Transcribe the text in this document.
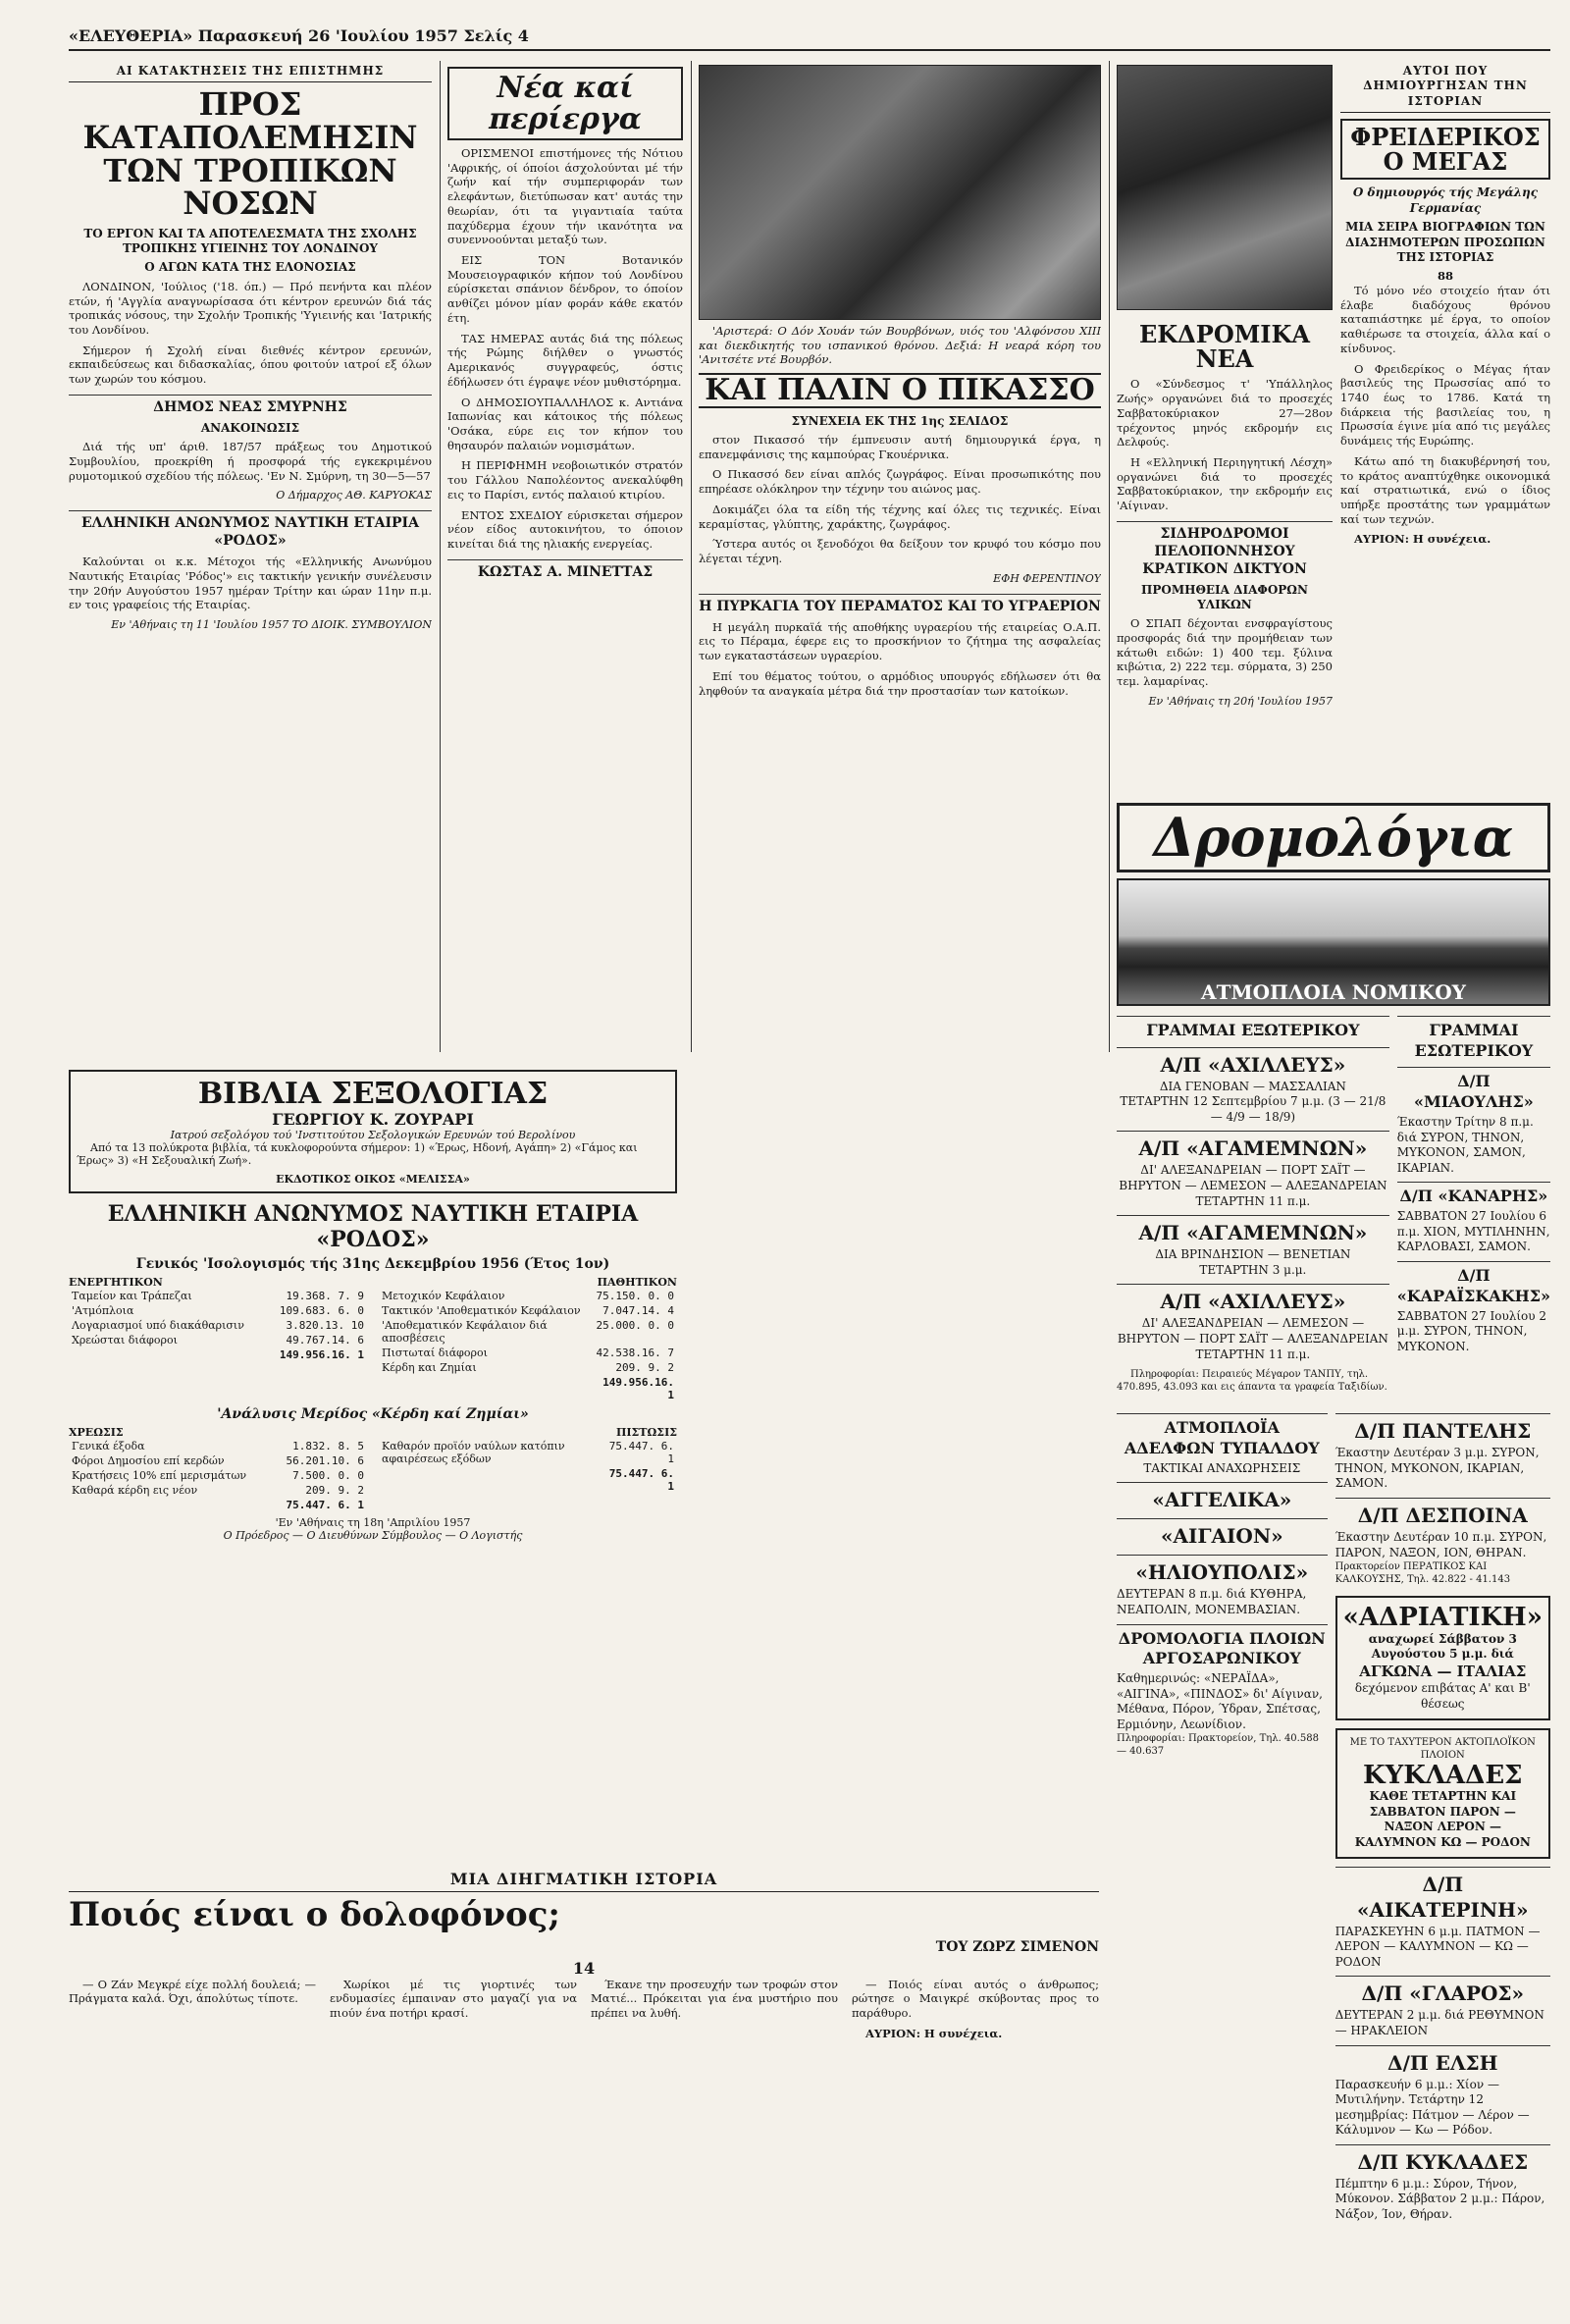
«ΕΛΕΥΘΕΡΙΑ» Παρασκευή 26 'Ιουλίου 1957 Σελίς 4
ΑΙ ΚΑΤΑΚΤΗΣΕΙΣ ΤΗΣ ΕΠΙΣΤΗΜΗΣ
ΠΡΟΣ ΚΑΤΑΠΟΛΕΜΗΣΙΝ ΤΩΝ ΤΡΟΠΙΚΩΝ ΝΟΣΩΝ
ΤΟ ΕΡΓΟΝ ΚΑΙ ΤΑ ΑΠΟΤΕΛΕΣΜΑΤΑ ΤΗΣ ΣΧΟΛΗΣ ΤΡΟΠΙΚΗΣ ΥΓΙΕΙΝΗΣ ΤΟΥ ΛΟΝΔΙΝΟΥ
Ο ΑΓΩΝ ΚΑΤΑ ΤΗΣ ΕΛΟΝΟΣΙΑΣ

ΛΟΝΔΙΝΟΝ, 'Ιούλιος ('18. όπ.) — Πρό πενήντα και πλέον ετών, ή 'Αγγλία αναγνωρίσασα ότι κέντρον ερευνών διά τάς τροπικάς νόσους, την Σχολήν Τροπικής 'Υγιεινής και 'Ιατρικής του Λονδίνου.

Σήμερον ή Σχολή είναι διεθνές κέντρον ερευνών, εκπαιδεύσεως και διδασκαλίας, όπου φοιτούν ιατροί εξ όλων των χωρών του κόσμου.

ΔΗΜΟΣ ΝΕΑΣ ΣΜΥΡΝΗΣ
ΑΝΑΚΟΙΝΩΣΙΣ

Διά τής υπ' άριθ. 187/57 πράξεως του Δημοτικού Συμβουλίου, προεκρίθη ή προσφορά τής εγκεκριμένου ρυμοτομικού σχεδίου τής πόλεως. 'Εν Ν. Σμύρνη, τη 30—5—57

Ο Δήμαρχος ΑΘ. ΚΑΡΥΟΚΑΣ

ΕΛΛΗΝΙΚΗ ΑΝΩΝΥΜΟΣ ΝΑΥΤΙΚΗ ΕΤΑΙΡΙΑ «ΡΟΔΟΣ»

Καλούνται οι κ.κ. Μέτοχοι τής «Ελληνικής Ανωνύμου Ναυτικής Εταιρίας 'Ρόδος'» εις τακτικήν γενικήν συνέλευσιν την 20ήν Αυγούστου 1957 ημέραν Τρίτην και ώραν 11ην π.μ. εν τοις γραφείοις τής Εταιρίας.

Εν 'Αθήναις τη 11 'Ιουλίου 1957 ΤΟ ΔΙΟΙΚ. ΣΥΜΒΟΥΛΙΟΝ

Νέα καί περίεργα

ΟΡΙΣΜΕΝΟΙ επιστήμονες τής Νότιου 'Αφρικής, οί όποίοι άσχολούνται μέ τήν ζωήν καί τήν συμπεριφοράν των ελεφάντων, διετύπωσαν κατ' αυτάς την θεωρίαν, ότι τα γιγαντιαία ταύτα παχύδερμα έχουν τήν ικανότητα να συνεννοούνται μεταξύ των.

ΕΙΣ ΤΟΝ Βοτανικόν Μουσειογραφικόν κήπον τού Λονδίνου εύρίσκεται σπάνιον δένδρον, το όποίον ανθίζει μόνον μίαν φοράν κάθε εκατόν έτη.

ΤΑΣ ΗΜΕΡΑΣ αυτάς διά της πόλεως τής Ρώμης διήλθεν ο γνωστός Αμερικανός συγγραφεύς, όστις έδήλωσεν ότι έγραψε νέον μυθιστόρημα.

Ο ΔΗΜΟΣΙΟΥΠΑΛΛΗΛΟΣ κ. Αντιάνα Ιαπωνίας και κάτοικος τής πόλεως 'Οσάκα, εύρε εις τον κήπον του θησαυρόν παλαιών νομισμάτων.

Η ΠΕΡΙΦΗΜΗ νεοβοιωτικόν στρατόν του Γάλλου Ναπολέοντος ανεκαλύφθη εις το Παρίσι, εντός παλαιού κτιρίου.

ΕΝΤΟΣ ΣΧΕΔΙΟΥ εύρισκεται σήμερον νέον είδος αυτοκινήτου, το όποιον κινείται διά της ηλιακής ενεργείας.

ΚΩΣΤΑΣ Α. ΜΙΝΕΤΤΑΣ

'Αριστερά: Ο Δόν Χουάν τών Βουρβόνων, υιός του 'Αλφόνσου ΧΙΙΙ και διεκδικητής του ισπανικού θρόνου. Δεξιά: Η νεαρά κόρη του 'Ανιτσέτε ντέ Βουρβόν.

ΚΑΙ ΠΑΛΙΝ Ο ΠΙΚΑΣΣΟ
ΣΥΝΕΧΕΙΑ ΕΚ ΤΗΣ 1ης ΣΕΛΙΔΟΣ

στον Πικασσό τήν έμπνευσιν αυτή δημιουργικά έργα, η επανεμφάνισις της καμπούρας Γκουέρνικα.

Ο Πικασσό δεν είναι απλός ζωγράφος. Είναι προσωπικότης που επηρέασε ολόκληρον την τέχνην του αιώνος μας.

Δοκιμάζει όλα τα είδη τής τέχνης καί όλες τις τεχνικές. Είναι κεραμίστας, γλύπτης, χαράκτης, ζωγράφος.

Ύστερα αυτός οι ξενοδόχοι θα δείξουν τον κρυφό του κόσμο που λέγεται τέχνη.

ΕΦΗ ΦΕΡΕΝΤΙΝΟΥ

Η ΠΥΡΚΑΓΙΑ ΤΟΥ ΠΕΡΑΜΑΤΟΣ ΚΑΙ ΤΟ ΥΓΡΑΕΡΙΟΝ

Η μεγάλη πυρκαϊά τής αποθήκης υγραερίου τής εταιρείας Ο.Α.Π. εις το Πέραμα, έφερε εις το προσκήνιον το ζήτημα της ασφαλείας των εγκαταστάσεων υγραερίου.

Επί του θέματος τούτου, ο αρμόδιος υπουργός εδήλωσεν ότι θα ληφθούν τα αναγκαία μέτρα διά την προστασίαν των κατοίκων.

ΕΚΔΡΟΜΙΚΑ ΝΕΑ

Ο «Σύνδεσμος τ' 'Υπάλληλος Ζωής» οργανώνει διά το προσεχές Σαββατοκύριακον 27—28ον τρέχοντος μηνός εκδρομήν εις Δελφούς.

Η «Ελληνική Περιηγητική Λέσχη» οργανώνει διά το προσεχές Σαββατοκύριακον, την εκδρομήν εις 'Αίγιναν.

ΣΙΔΗΡΟΔΡΟΜΟΙ ΠΕΛΟΠΟΝΝΗΣΟΥ ΚΡΑΤΙΚΟΝ ΔΙΚΤΥΟΝ
ΠΡΟΜΗΘΕΙΑ ΔΙΑΦΟΡΩΝ ΥΛΙΚΩΝ

Ο ΣΠΑΠ δέχονται ενσφραγίστους προσφοράς διά την προμήθειαν των κάτωθι ειδών: 1) 400 τεμ. ξύλινα κιβώτια, 2) 222 τεμ. σύρματα, 3) 250 τεμ. λαμαρίνας.

Εν 'Αθήναις τη 20ή 'Ιουλίου 1957

ΑΥΤΟΙ ΠΟΥ ΔΗΜΙΟΥΡΓΗΣΑΝ ΤΗΝ ΙΣΤΟΡΙΑΝ
ΦΡΕΙΔΕΡΙΚΟΣ Ο ΜΕΓΑΣ
Ο δημιουργός τής Μεγάλης Γερμανίας
ΜΙΑ ΣΕΙΡΑ ΒΙΟΓΡΑΦΙΩΝ ΤΩΝ ΔΙΑΣΗΜΟΤΕΡΩΝ ΠΡΟΣΩΠΩΝ ΤΗΣ ΙΣΤΟΡΙΑΣ
88

Τό μόνο νέο στοιχείο ήταν ότι έλαβε διαδόχους θρόνου καταπιάστηκε μέ έργα, το οποίον καθιέρωσε τα στοιχεία, άλλα καί ο κίνδυνος.

Ο Φρειδερίκος ο Μέγας ήταν βασιλεύς της Πρωσσίας από το 1740 έως το 1786. Κατά τη διάρκεια τής βασιλείας του, η Πρωσσία έγινε μία από τις μεγάλες δυνάμεις τής Ευρώπης.

Κάτω από τη διακυβέρνησή του, το κράτος αναπτύχθηκε οικονομικά καί στρατιωτικά, ενώ ο ίδιος υπήρξε προστάτης των γραμμάτων καί των τεχνών.

ΑΥΡΙΟΝ: Η συνέχεια.

Δρομολόγια
ΑΤΜΟΠΛΟΙΑ ΝΟΜΙΚΟΥ
ΓΡΑΜΜΑΙ ΕΞΩΤΕΡΙΚΟΥ
Α/Π «ΑΧΙΛΛΕΥΣ»
ΔΙΑ ΓΕΝΟΒΑΝ — ΜΑΣΣΑΛΙΑΝ
ΤΕΤΑΡΤΗΝ 12 Σεπτεμβρίου 7 μ.μ. (3 — 21/8 — 4/9 — 18/9)
Α/Π «ΑΓΑΜΕΜΝΩΝ»
ΔΙ' ΑΛΕΞΑΝΔΡΕΙΑΝ — ΠΟΡΤ ΣΑΪΤ — ΒΗΡΥΤΟΝ — ΛΕΜΕΣΟΝ — ΑΛΕΞΑΝΔΡΕΙΑΝ
ΤΕΤΑΡΤΗΝ 11 π.μ.
Α/Π «ΑΓΑΜΕΜΝΩΝ»
ΔΙΑ ΒΡΙΝΔΗΣΙΟΝ — ΒΕΝΕΤΙΑΝ
ΤΕΤΑΡΤΗΝ 3 μ.μ.
Α/Π «ΑΧΙΛΛΕΥΣ»
ΔΙ' ΑΛΕΞΑΝΔΡΕΙΑΝ — ΛΕΜΕΣΟΝ — ΒΗΡΥΤΟΝ — ΠΟΡΤ ΣΑΪΤ — ΑΛΕΞΑΝΔΡΕΙΑΝ
ΤΕΤΑΡΤΗΝ 11 π.μ.

Πληροφορίαι: Πειραιεύς Μέγαρον ΤΑΝΠΥ, τηλ. 470.895, 43.093 και εις άπαντα τα γραφεία Ταξιδίων.

ΓΡΑΜΜΑΙ ΕΣΩΤΕΡΙΚΟΥ
Δ/Π «ΜΙΑΟΥΛΗΣ»
Έκαστην Τρίτην 8 π.μ. διά ΣΥΡΟΝ, ΤΗΝΟΝ, ΜΥΚΟΝΟΝ, ΣΑΜΟΝ, ΙΚΑΡΙΑΝ.
Δ/Π «ΚΑΝΑΡΗΣ»
ΣΑΒΒΑΤΟΝ 27 Ιουλίου 6 π.μ. ΧΙΟΝ, ΜΥΤΙΛΗΝΗΝ, ΚΑΡΛΟΒΑΣΙ, ΣΑΜΟΝ.
Δ/Π «ΚΑΡΑΪΣΚΑΚΗΣ»
ΣΑΒΒΑΤΟΝ 27 Ιουλίου 2 μ.μ. ΣΥΡΟΝ, ΤΗΝΟΝ, ΜΥΚΟΝΟΝ.
ΑΤΜΟΠΛΟΪΑ ΑΔΕΛΦΩΝ ΤΥΠΑΛΔΟΥ
ΤΑΚΤΙΚΑΙ ΑΝΑΧΩΡΗΣΕΙΣ
«ΑΓΓΕΛΙΚΑ»
«ΑΙΓΑΙΟΝ»
«ΗΛΙΟΥΠΟΛΙΣ»
ΔΕΥΤΕΡΑΝ 8 π.μ. διά ΚΥΘΗΡΑ, ΝΕΑΠΟΛΙΝ, ΜΟΝΕΜΒΑΣΙΑΝ.
ΔΡΟΜΟΛΟΓΙΑ ΠΛΟΙΩΝ ΑΡΓΟΣΑΡΩΝΙΚΟΥ
Καθημερινώς: «ΝΕΡΑΪΔΑ», «ΑΙΓΙΝΑ», «ΠΙΝΔΟΣ» δι' Αίγιναν, Μέθανα, Πόρον, Ύδραν, Σπέτσας, Ερμιόνην, Λεωνίδιον.
Πληροφορίαι: Πρακτορείον, Τηλ. 40.588 — 40.637
Δ/Π ΠΑΝΤΕΛΗΣ
Έκαστην Δευτέραν 3 μ.μ. ΣΥΡΟΝ, ΤΗΝΟΝ, ΜΥΚΟΝΟΝ, ΙΚΑΡΙΑΝ, ΣΑΜΟΝ.
Δ/Π ΔΕΣΠΟΙΝΑ
Έκαστην Δευτέραν 10 π.μ. ΣΥΡΟΝ, ΠΑΡΟΝ, ΝΑΞΟΝ, ΙΟΝ, ΘΗΡΑΝ.
Πρακτορείον ΠΕΡΑΤΙΚΟΣ ΚΑΙ ΚΑΛΚΟΥΣΗΣ, Τηλ. 42.822 - 41.143
«ΑΔΡΙΑΤΙΚΗ»
αναχωρεί Σάββατον 3 Αυγούστου 5 μ.μ. διά
ΑΓΚΩΝΑ — ΙΤΑΛΙΑΣ
δεχόμενον επιβάτας Α' και Β' θέσεως
ΜΕ ΤΟ ΤΑΧΥΤΕΡΟΝ ΑΚΤΟΠΛΟΪΚΟΝ ΠΛΟΙΟΝ
ΚΥΚΛΑΔΕΣ
ΚΑΘΕ ΤΕΤΑΡΤΗΝ ΚΑΙ ΣΑΒΒΑΤΟΝ ΠΑΡΟΝ — ΝΑΞΟΝ ΛΕΡΟΝ — ΚΑΛΥΜΝΟΝ ΚΩ — ΡΟΔΟΝ
Δ/Π «ΑΙΚΑΤΕΡΙΝΗ»
ΠΑΡΑΣΚΕΥΗΝ 6 μ.μ. ΠΑΤΜΟΝ — ΛΕΡΟΝ — ΚΑΛΥΜΝΟΝ — ΚΩ — ΡΟΔΟΝ
Δ/Π «ΓΛΑΡΟΣ»
ΔΕΥΤΕΡΑΝ 2 μ.μ. διά ΡΕΘΥΜΝΟΝ — ΗΡΑΚΛΕΙΟΝ
Δ/Π ΕΛΣΗ
Παρασκευήν 6 μ.μ.: Χίον — Μυτιλήνην. Τετάρτην 12 μεσημβρίας: Πάτμον — Λέρον — Κάλυμνον — Κω — Ρόδον.
Δ/Π ΚΥΚΛΑΔΕΣ
Πέμπτην 6 μ.μ.: Σύρον, Τήνον, Μύκονον. Σάββατον 2 μ.μ.: Πάρον, Νάξον, Ίον, Θήραν.
ΒΙΒΛΙΑ ΣΕΞΟΛΟΓΙΑΣ
ΓΕΩΡΓΙΟΥ Κ. ΖΟΥΡΑΡΙ
Ιατρού σεξολόγου τού 'Ινστιτούτου Σεξολογικών Ερευνών τού Βερολίνου

Από τα 13 πολύκροτα βιβλία, τά κυκλοφορούντα σήμερον: 1) «Έρως, Ηδονή, Αγάπη» 2) «Γάμος και Έρως» 3) «Η Σεξουαλική Ζωή».

ΕΚΔΟΤΙΚΟΣ ΟΙΚΟΣ «ΜΕΛΙΣΣΑ»
ΕΛΛΗΝΙΚΗ ΑΝΩΝΥΜΟΣ ΝΑΥΤΙΚΗ ΕΤΑΙΡΙΑ «ΡΟΔΟΣ»
Γενικός 'Ισολογισμός τής 31ης Δεκεμβρίου 1956 (Έτος 1ον)
ΕΝΕΡΓΗΤΙΚΟΝ
Ταμείον και Τράπεζαι	19.368. 7. 9
'Ατμόπλοια	109.683. 6. 0
Λογαριασμοί υπό διακάθαρισιν	3.820.13. 10
Χρεώσται διάφοροι	49.767.14. 6
	149.956.16. 1
ΠΑΘΗΤΙΚΟΝ
Μετοχικόν Κεφάλαιον	75.150. 0. 0
Τακτικόν 'Αποθεματικόν Κεφάλαιον	7.047.14. 4
'Αποθεματικόν Κεφάλαιον διά αποσβέσεις	25.000. 0. 0
Πιστωταί διάφοροι	42.538.16. 7
Κέρδη και Ζημίαι	209. 9. 2
	149.956.16. 1
'Ανάλυσις Μερίδος «Κέρδη καί Ζημίαι»
ΧΡΕΩΣΙΣ
Γενικά έξοδα	1.832. 8. 5
Φόροι Δημοσίου επί κερδών	56.201.10. 6
Κρατήσεις 10% επί μερισμάτων	7.500. 0. 0
Καθαρά κέρδη εις νέον	209. 9. 2
	75.447. 6. 1
ΠΙΣΤΩΣΙΣ
Καθαρόν προϊόν ναύλων κατόπιν αφαιρέσεως εξόδων	75.447. 6. 1
	75.447. 6. 1
'Εν 'Αθήναις τη 18η 'Απριλίου 1957
Ο Πρόεδρος — Ο Διευθύνων Σύμβουλος — Ο Λογιστής
ΜΙΑ ΔΙΗΓΜΑΤΙΚΗ ΙΣΤΟΡΙΑ
Ποιός είναι ο δολοφόνος;
ΤΟΥ ΖΩΡΖ ΣΙΜΕΝΟΝ
14

— Ο Ζάν Μεγκρέ είχε πολλή δουλειά; — Πράγματα καλά. Όχι, άπολύτως τίποτε.

Χωρίκοι μέ τις γιορτινές των ενδυμασίες έμπαιναν στο μαγαζί για να πιούν ένα ποτήρι κρασί.

Έκανε την προσευχήν των τροφών στον Ματιέ... Πρόκειται για ένα μυστήριο που πρέπει να λυθή.

— Ποιός είναι αυτός ο άνθρωπος; ρώτησε ο Μαιγκρέ σκύβοντας προς το παράθυρο.

ΑΥΡΙΟΝ: Η συνέχεια.
